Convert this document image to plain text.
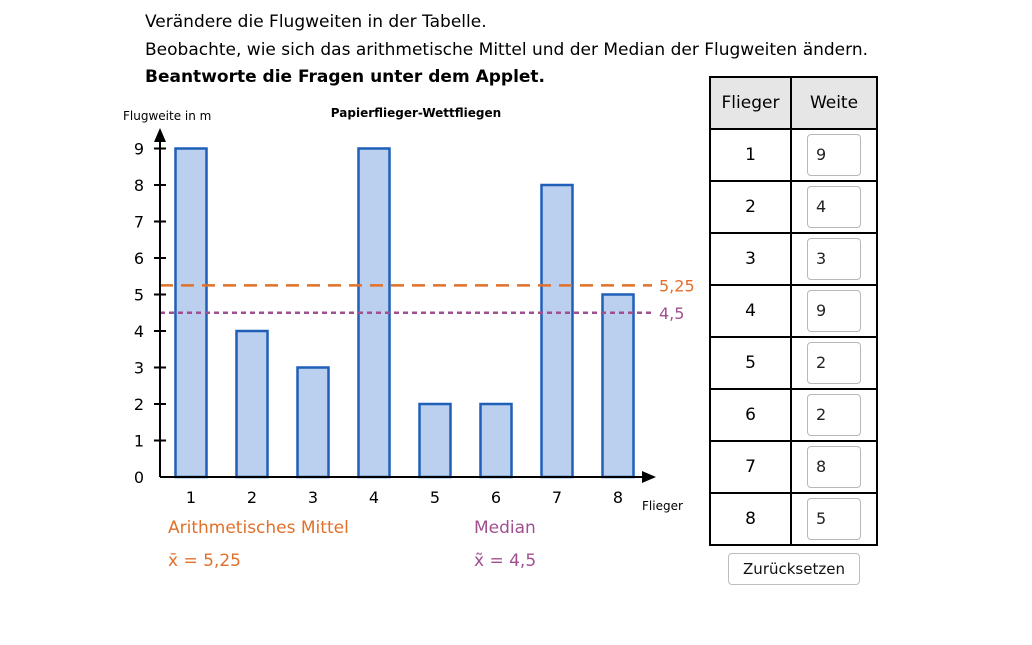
Verändere die Flugweiten in der Tabelle.
Beobachte, wie sich das arithmetische Mittel und der Median der Flugweiten ändern.
Beantworte die Fragen unter dem Applet.
Papierflieger-Wettfliegen
Flugweite in m
Flieger
5,25
4,5
1	2	3	4	5	6	7	8
0
1
2
3
4
5
6
7
8
9
Arithmetisches Mittel
x̄ = 5,25
Median
x̃ = 4,5
Flieger	Weite
1	9
2	4
3	3
4	9
5	2
6	2
7	8
8	5
Zurücksetzen
